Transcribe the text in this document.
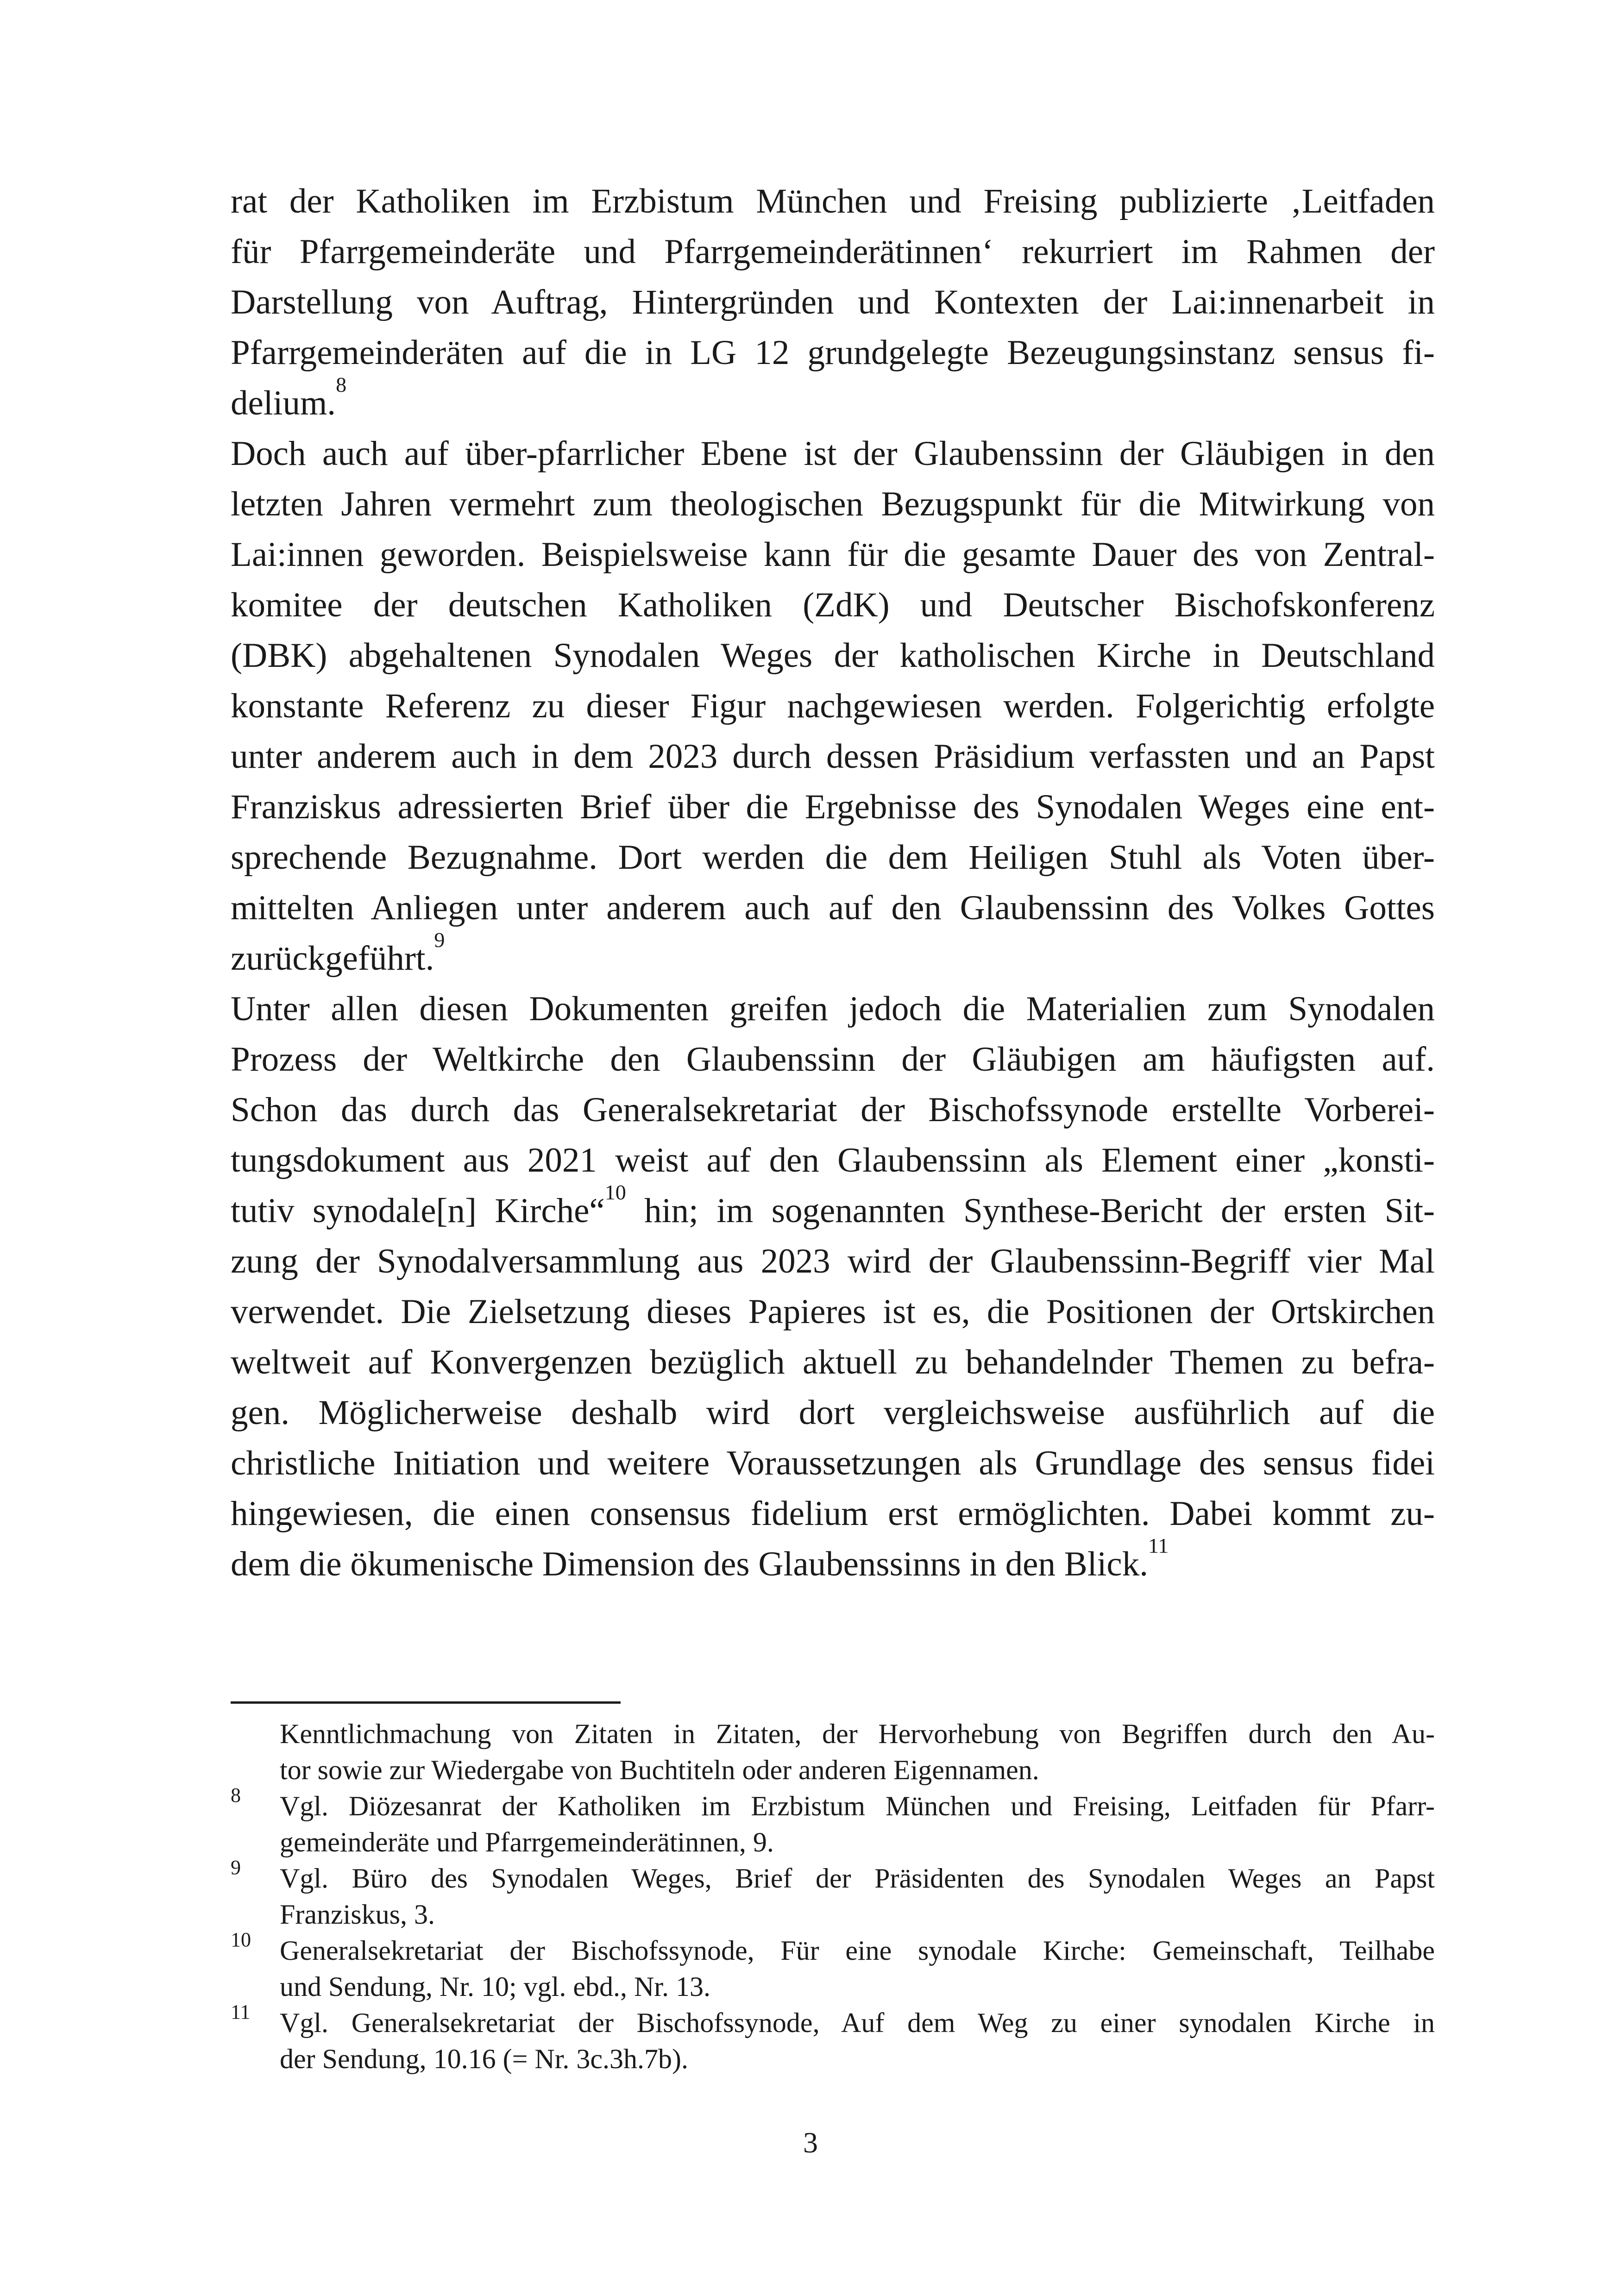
rat der Katholiken im Erzbistum München und Freising publizierte ‚Leitfaden
für Pfarrgemeinderäte und Pfarrgemeinderätinnen‘ rekurriert im Rahmen der
Darstellung von Auftrag, Hintergründen und Kontexten der Lai:innenarbeit in
Pfarrgemeinderäten auf die in LG 12 grundgelegte Bezeugungsinstanz sensus fi-
delium.$^8$
Doch auch auf über-pfarrlicher Ebene ist der Glaubenssinn der Gläubigen in den
letzten Jahren vermehrt zum theologischen Bezugspunkt für die Mitwirkung von
Lai:innen geworden. Beispielsweise kann für die gesamte Dauer des von Zentral-
komitee der deutschen Katholiken (ZdK) und Deutscher Bischofskonferenz
(DBK) abgehaltenen Synodalen Weges der katholischen Kirche in Deutschland
konstante Referenz zu dieser Figur nachgewiesen werden. Folgerichtig erfolgte
unter anderem auch in dem 2023 durch dessen Präsidium verfassten und an Papst
Franziskus adressierten Brief über die Ergebnisse des Synodalen Weges eine ent-
sprechende Bezugnahme. Dort werden die dem Heiligen Stuhl als Voten über-
mittelten Anliegen unter anderem auch auf den Glaubenssinn des Volkes Gottes
zurückgeführt.$^9$
Unter allen diesen Dokumenten greifen jedoch die Materialien zum Synodalen
Prozess der Weltkirche den Glaubenssinn der Gläubigen am häufigsten auf.
Schon das durch das Generalsekretariat der Bischofssynode erstellte Vorberei-
tungsdokument aus 2021 weist auf den Glaubenssinn als Element einer „konsti-
tutiv synodale[n] Kirche“$^{10}$ hin; im sogenannten Synthese-Bericht der ersten Sit-
zung der Synodalversammlung aus 2023 wird der Glaubenssinn-Begriff vier Mal
verwendet. Die Zielsetzung dieses Papieres ist es, die Positionen der Ortskirchen
weltweit auf Konvergenzen bezüglich aktuell zu behandelnder Themen zu befra-
gen. Möglicherweise deshalb wird dort vergleichsweise ausführlich auf die
christliche Initiation und weitere Voraussetzungen als Grundlage des sensus fidei
hingewiesen, die einen consensus fidelium erst ermöglichten. Dabei kommt zu-
dem die ökumenische Dimension des Glaubenssinns in den Blick.$^{11}$
Kenntlichmachung von Zitaten in Zitaten, der Hervorhebung von Begriffen durch den Au-
tor sowie zur Wiedergabe von Buchtiteln oder anderen Eigennamen.
8 Vgl. Diözesanrat der Katholiken im Erzbistum München und Freising, Leitfaden für Pfarr-
gemeinderäte und Pfarrgemeinderätinnen, 9.
9 Vgl. Büro des Synodalen Weges, Brief der Präsidenten des Synodalen Weges an Papst
Franziskus, 3.
10 Generalsekretariat der Bischofssynode, Für eine synodale Kirche: Gemeinschaft, Teilhabe
und Sendung, Nr. 10; vgl. ebd., Nr. 13.
11 Vgl. Generalsekretariat der Bischofssynode, Auf dem Weg zu einer synodalen Kirche in
der Sendung, 10.16 (= Nr. 3c.3h.7b).
3
